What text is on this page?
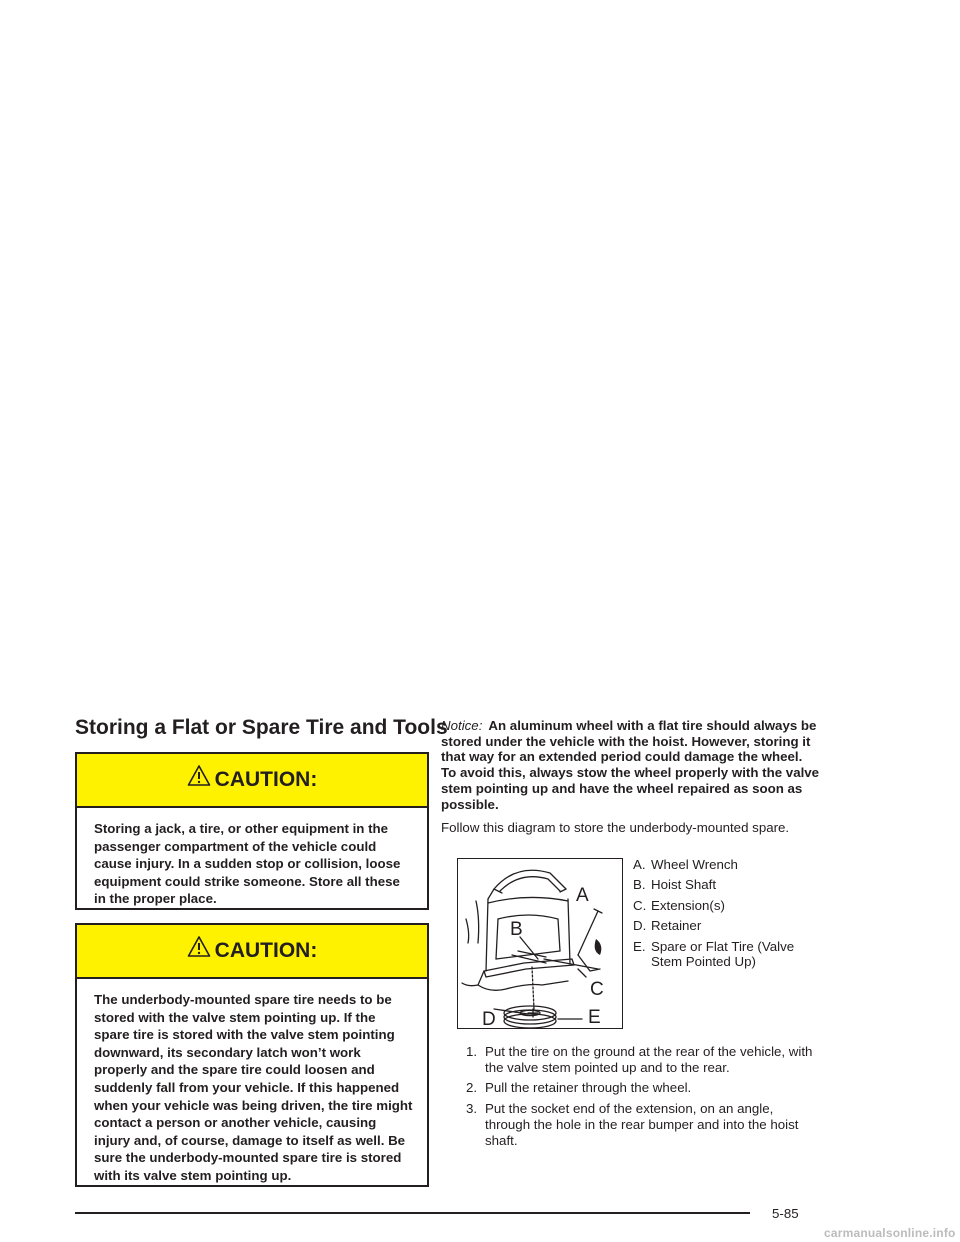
Storing a Flat or Spare Tire and Tools
CAUTION:
Storing a jack, a tire, or other equipment in the passenger compartment of the vehicle could cause injury. In a sudden stop or collision, loose equipment could strike someone. Store all these in the proper place.
CAUTION:
The underbody-mounted spare tire needs to be stored with the valve stem pointing up. If the spare tire is stored with the valve stem pointing downward, its secondary latch won’t work properly and the spare tire could loosen and suddenly fall from your vehicle. If this happened when your vehicle was being driven, the tire might contact a person or another vehicle, causing injury and, of course, damage to itself as well. Be sure the underbody-mounted spare tire is stored with its valve stem pointing up.
Notice: An aluminum wheel with a flat tire should always be stored under the vehicle with the hoist. However, storing it that way for an extended period could damage the wheel. To avoid this, always stow the wheel properly with the valve stem pointing up and have the wheel repaired as soon as possible.
Follow this diagram to store the underbody-mounted spare.
A
B
C
D	E
A. Wheel Wrench
B. Hoist Shaft
C. Extension(s)
D. Retainer
E. Spare or Flat Tire (Valve Stem Pointed Up)
1. Put the tire on the ground at the rear of the vehicle, with the valve stem pointed up and to the rear.
2. Pull the retainer through the wheel.
3. Put the socket end of the extension, on an angle, through the hole in the rear bumper and into the hoist shaft.
5-85
carmanualsonline.info
